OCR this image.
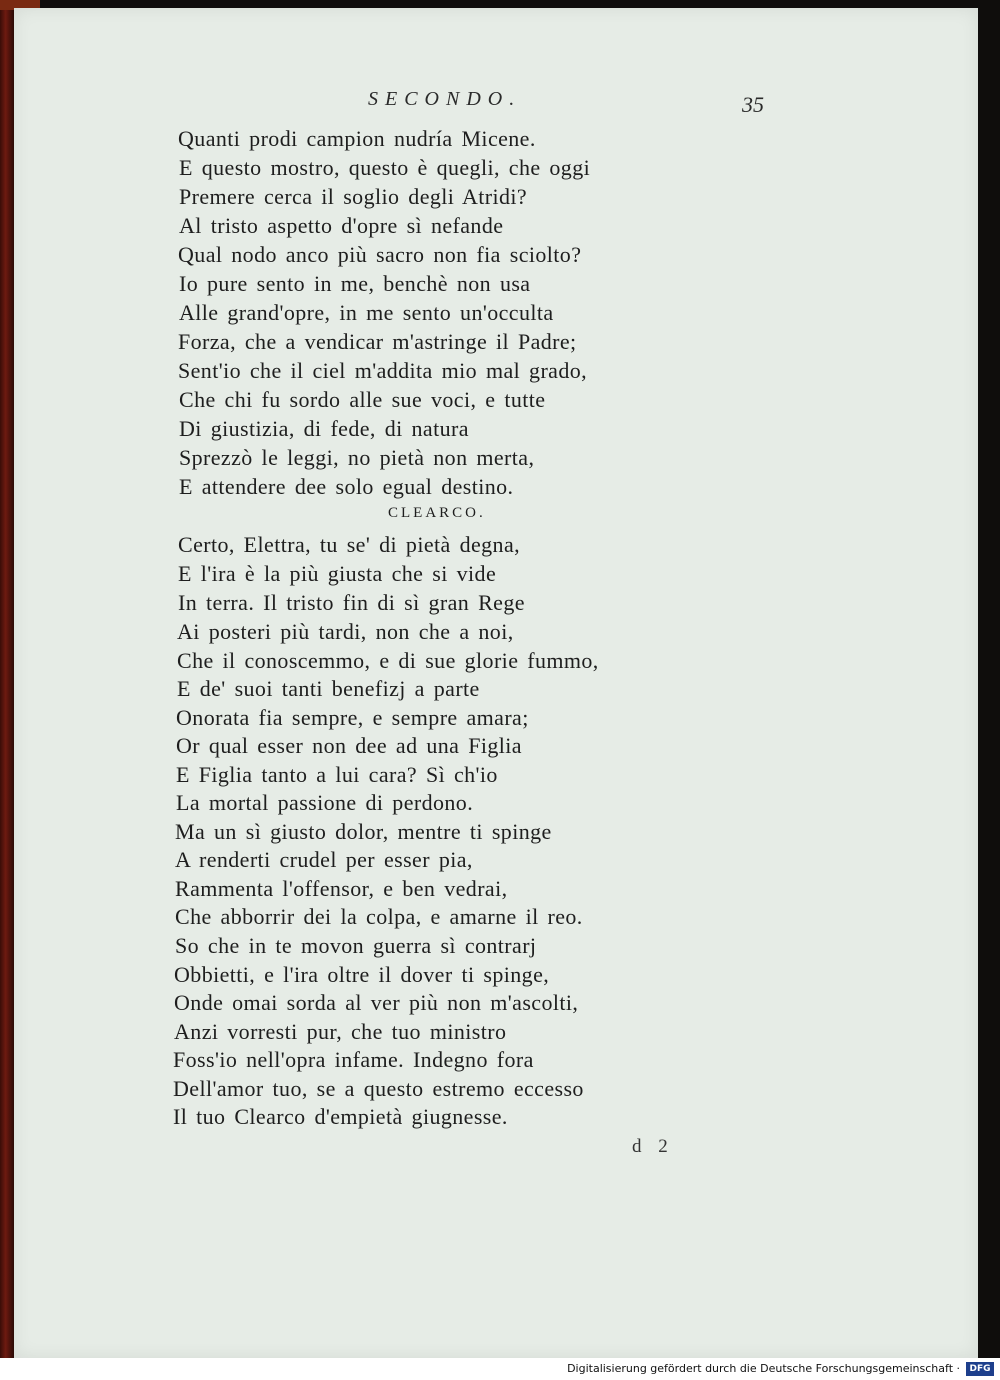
SECONDO.	35
Quanti prodi campion nudría Micene.
E questo mostro, questo è quegli, che oggi
Premere cerca il soglio degli Atridi?
Al tristo aspetto d'opre sì nefande
Qual nodo anco più sacro non fia sciolto?
Io pure sento in me, benchè non usa
Alle grand'opre, in me sento un'occulta
Forza, che a vendicar m'astringe il Padre;
Sent'io che il ciel m'addita mio mal grado,
Che chi fu sordo alle sue voci, e tutte
Di giustizia, di fede, di natura
Sprezzò le leggi, no pietà non merta,
E attendere dee solo egual destino.
CLEARCO.
Certo, Elettra, tu se' di pietà degna,
E l'ira è la più giusta che si vide
In terra. Il tristo fin di sì gran Rege
Ai posteri più tardi, non che a noi,
Che il conoscemmo, e di sue glorie fummo,
E de' suoi tanti benefizj a parte
Onorata fia sempre, e sempre amara;
Or qual esser non dee ad una Figlia
E Figlia tanto a lui cara? Sì ch'io
La mortal passione di perdono.
Ma un sì giusto dolor, mentre ti spinge
A renderti crudel per esser pia,
Rammenta l'offensor, e ben vedrai,
Che abborrir dei la colpa, e amarne il reo.
So che in te movon guerra sì contrarj
Obbietti, e l'ira oltre il dover ti spinge,
Onde omai sorda al ver più non m'ascolti,
Anzi vorresti pur, che tuo ministro
Foss'io nell'opra infame. Indegno fora
Dell'amor tuo, se a questo estremo eccesso
Il tuo Clearco d'empietà giugnesse.
d 2
Digitalisierung gefördert durch die Deutsche Forschungsgemeinschaft ·	DFG
